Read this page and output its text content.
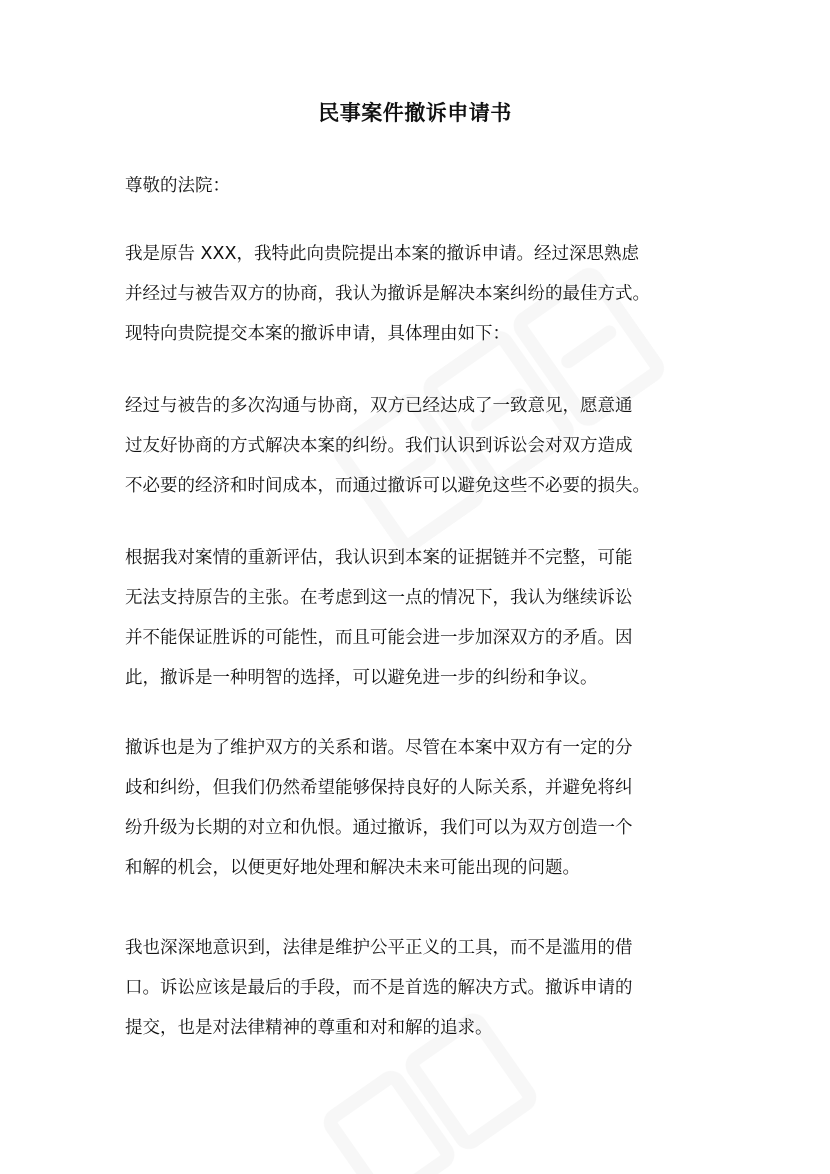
民事案件撤诉申请书
尊敬的法院：
我是原告 XXX，我特此向贵院提出本案的撤诉申请。经过深思熟虑
并经过与被告双方的协商，我认为撤诉是解决本案纠纷的最佳方式。
现特向贵院提交本案的撤诉申请，具体理由如下：
经过与被告的多次沟通与协商，双方已经达成了一致意见，愿意通
过友好协商的方式解决本案的纠纷。我们认识到诉讼会对双方造成
不必要的经济和时间成本，而通过撤诉可以避免这些不必要的损失。
根据我对案情的重新评估，我认识到本案的证据链并不完整，可能
无法支持原告的主张。在考虑到这一点的情况下，我认为继续诉讼
并不能保证胜诉的可能性，而且可能会进一步加深双方的矛盾。因
此，撤诉是一种明智的选择，可以避免进一步的纠纷和争议。
撤诉也是为了维护双方的关系和谐。尽管在本案中双方有一定的分
歧和纠纷，但我们仍然希望能够保持良好的人际关系，并避免将纠
纷升级为长期的对立和仇恨。通过撤诉，我们可以为双方创造一个
和解的机会，以便更好地处理和解决未来可能出现的问题。
我也深深地意识到，法律是维护公平正义的工具，而不是滥用的借
口。诉讼应该是最后的手段，而不是首选的解决方式。撤诉申请的
提交，也是对法律精神的尊重和对和解的追求。
